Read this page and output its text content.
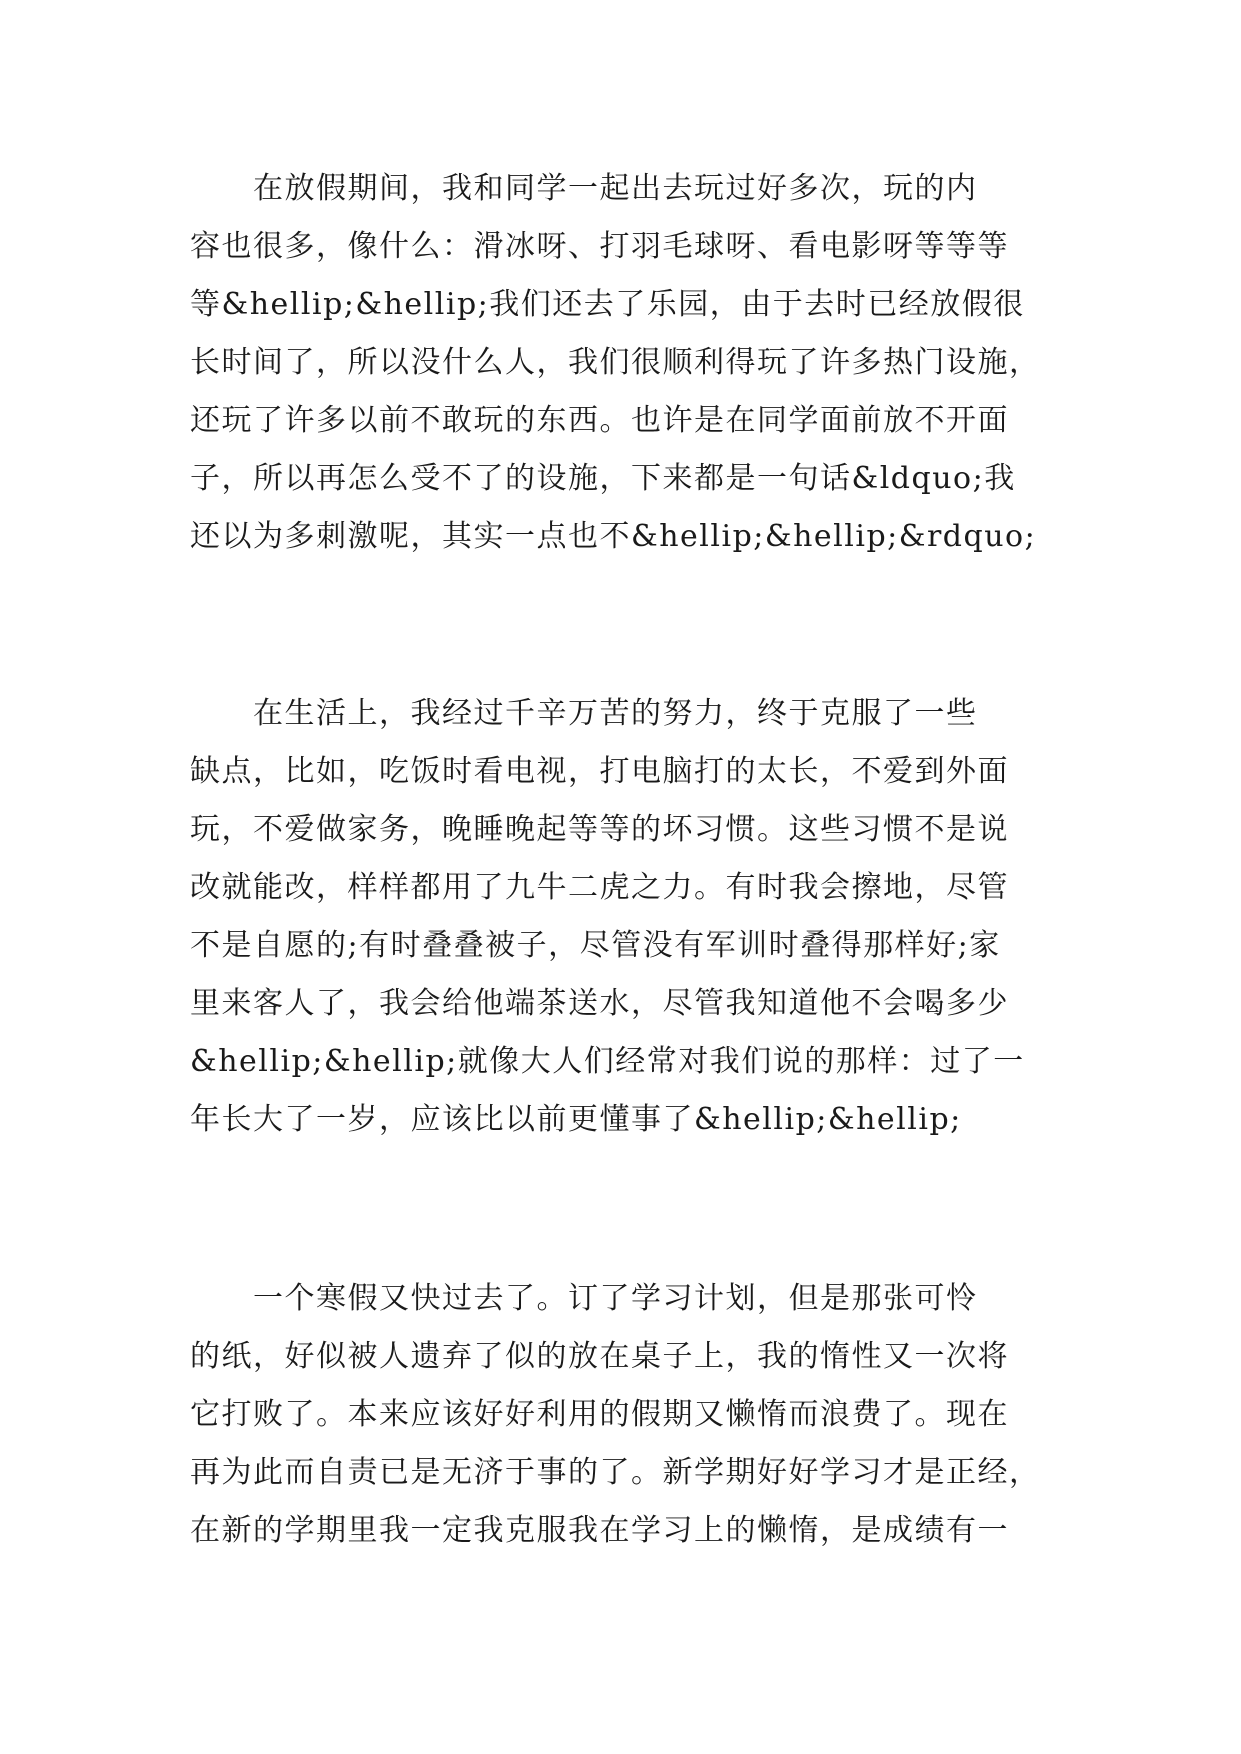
　　在放假期间，我和同学一起出去玩过好多次，玩的内
容也很多，像什么：滑冰呀、打羽毛球呀、看电影呀等等等
等&hellip;&hellip;我们还去了乐园，由于去时已经放假很
长时间了，所以没什么人，我们很顺利得玩了许多热门设施，
还玩了许多以前不敢玩的东西。也许是在同学面前放不开面
子，所以再怎么受不了的设施，下来都是一句话&ldquo;我
还以为多刺激呢，其实一点也不&hellip;&hellip;&rdquo;
　　在生活上，我经过千辛万苦的努力，终于克服了一些
缺点，比如，吃饭时看电视，打电脑打的太长，不爱到外面
玩，不爱做家务，晚睡晚起等等的坏习惯。这些习惯不是说
改就能改，样样都用了九牛二虎之力。有时我会擦地，尽管
不是自愿的;有时叠叠被子，尽管没有军训时叠得那样好;家
里来客人了，我会给他端茶送水，尽管我知道他不会喝多少
&hellip;&hellip;就像大人们经常对我们说的那样：过了一
年长大了一岁，应该比以前更懂事了&hellip;&hellip;
　　一个寒假又快过去了。订了学习计划，但是那张可怜
的纸，好似被人遗弃了似的放在桌子上，我的惰性又一次将
它打败了。本来应该好好利用的假期又懒惰而浪费了。现在
再为此而自责已是无济于事的了。新学期好好学习才是正经，
在新的学期里我一定我克服我在学习上的懒惰，是成绩有一
